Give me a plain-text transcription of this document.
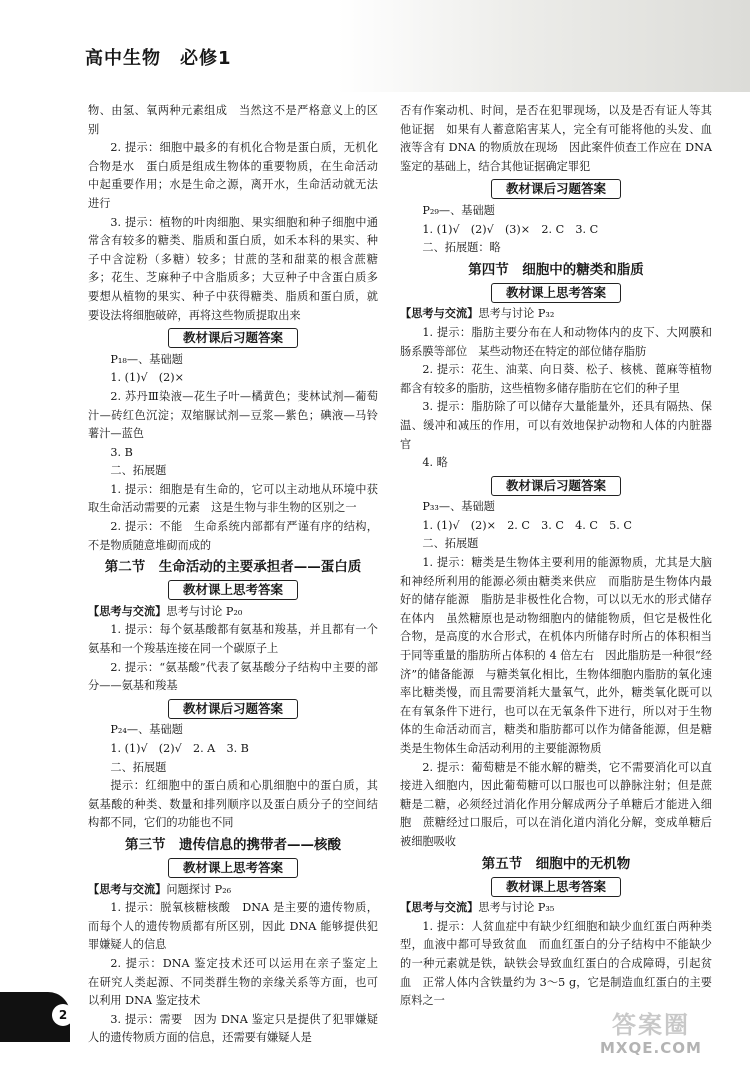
高中生物　必修1

物、由氢、氧两种元素组成　当然这不是严格意义上的区别

2. 提示：细胞中最多的有机化合物是蛋白质，无机化合物是水　蛋白质是组成生物体的重要物质，在生命活动中起重要作用；水是生命之源，离开水，生命活动就无法进行

3. 提示：植物的叶肉细胞、果实细胞和种子细胞中通常含有较多的糖类、脂质和蛋白质，如禾本科的果实、种子中含淀粉（多糖）较多；甘蔗的茎和甜菜的根含蔗糖多；花生、芝麻种子中含脂质多；大豆种子中含蛋白质多　要想从植物的果实、种子中获得糖类、脂质和蛋白质，就要设法将细胞破碎，再将这些物质提取出来

教材课后习题答案

P₁₈—、基础题

1. (1)√　(2)×

2. 苏丹Ⅲ染液—花生子叶—橘黄色；斐林试剂—葡萄汁—砖红色沉淀；双缩脲试剂—豆浆—紫色；碘液—马铃薯汁—蓝色

3. B

二、拓展题

1. 提示：细胞是有生命的，它可以主动地从环境中获取生命活动需要的元素　这是生物与非生物的区别之一

2. 提示：不能　生命系统内部都有严谨有序的结构，不是物质随意堆砌而成的

第二节　生命活动的主要承担者——蛋白质
教材课上思考答案

【思考与交流】思考与讨论 P₂₀

1. 提示：每个氨基酸都有氨基和羧基，并且都有一个氨基和一个羧基连接在同一个碳原子上

2. 提示：“氨基酸”代表了氨基酸分子结构中主要的部分——氨基和羧基

教材课后习题答案

P₂₄—、基础题

1. (1)√　(2)√　2. A　3. B

二、拓展题

提示：红细胞中的蛋白质和心肌细胞中的蛋白质，其氨基酸的种类、数量和排列顺序以及蛋白质分子的空间结构都不同，它们的功能也不同

第三节　遗传信息的携带者——核酸
教材课上思考答案

【思考与交流】问题探讨 P₂₆

1. 提示：脱氧核糖核酸　DNA 是主要的遗传物质，而每个人的遗传物质都有所区别，因此 DNA 能够提供犯罪嫌疑人的信息

2. 提示：DNA 鉴定技术还可以运用在亲子鉴定上　在研究人类起源、不同类群生物的亲缘关系等方面，也可以利用 DNA 鉴定技术

3. 提示：需要　因为 DNA 鉴定只是提供了犯罪嫌疑人的遗传物质方面的信息，还需要有嫌疑人是

否有作案动机、时间，是否在犯罪现场，以及是否有证人等其他证据　如果有人蓄意陷害某人，完全有可能将他的头发、血液等含有 DNA 的物质放在现场　因此案件侦查工作应在 DNA 鉴定的基础上，结合其他证据确定罪犯

教材课后习题答案

P₂₉—、基础题

1. (1)√　(2)√　(3)×　2. C　3. C

二、拓展题：略

第四节　细胞中的糖类和脂质
教材课上思考答案

【思考与交流】思考与讨论 P₃₂

1. 提示：脂肪主要分布在人和动物体内的皮下、大网膜和肠系膜等部位　某些动物还在特定的部位储存脂肪

2. 提示：花生、油菜、向日葵、松子、核桃、蓖麻等植物都含有较多的脂肪，这些植物多储存脂肪在它们的种子里

3. 提示：脂肪除了可以储存大量能量外，还具有隔热、保温、缓冲和减压的作用，可以有效地保护动物和人体的内脏器官

4. 略

教材课后习题答案

P₃₃—、基础题

1. (1)√　(2)×　2. C　3. C　4. C　5. C

二、拓展题

1. 提示：糖类是生物体主要利用的能源物质，尤其是大脑和神经所利用的能源必须由糖类来供应　而脂肪是生物体内最好的储存能源　脂肪是非极性化合物，可以以无水的形式储存在体内　虽然糖原也是动物细胞内的储能物质，但它是极性化合物，是高度的水合形式，在机体内所储存时所占的体积相当于同等重量的脂肪所占体积的 4 倍左右　因此脂肪是一种很“经济”的储备能源　与糖类氧化相比，生物体细胞内脂肪的氧化速率比糖类慢，而且需要消耗大量氧气，此外，糖类氧化既可以在有氧条件下进行，也可以在无氧条件下进行，所以对于生物体的生命活动而言，糖类和脂肪都可以作为储备能源，但是糖类是生物体生命活动利用的主要能源物质

2. 提示：葡萄糖是不能水解的糖类，它不需要消化可以直接进入细胞内，因此葡萄糖可以口服也可以静脉注射；但是蔗糖是二糖，必须经过消化作用分解成两分子单糖后才能进入细胞　蔗糖经过口服后，可以在消化道内消化分解，变成单糖后被细胞吸收

第五节　细胞中的无机物
教材课上思考答案

【思考与交流】思考与讨论 P₃₅

1. 提示：人贫血症中有缺少红细胞和缺少血红蛋白两种类型，血液中都可导致贫血　而血红蛋白的分子结构中不能缺少的一种元素就是铁，缺铁会导致血红蛋白的合成障碍，引起贫血　正常人体内含铁量约为 3～5 g，它是制造血红蛋白的主要原料之一

2	答案圈
MXQE.COM
